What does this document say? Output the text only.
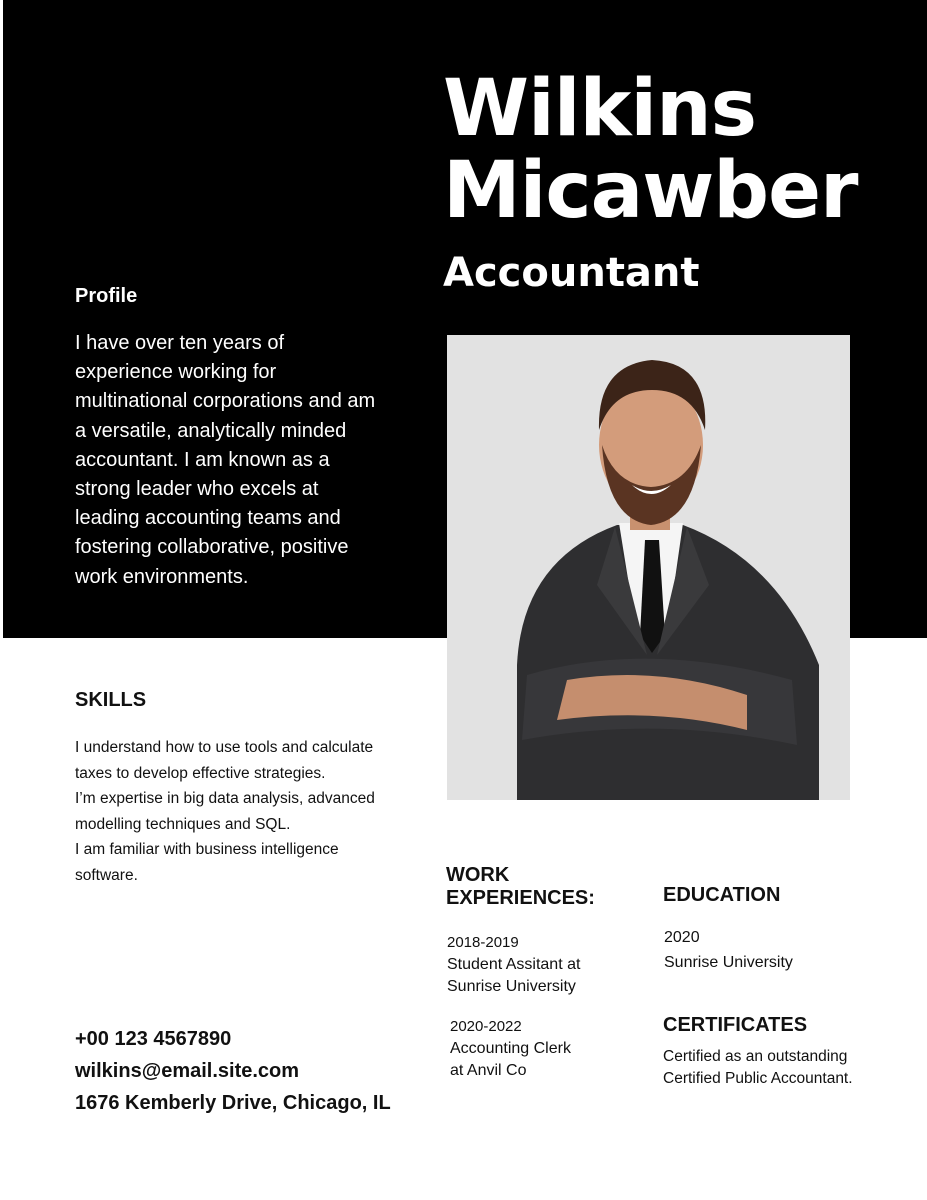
Wilkins
Micawber
Accountant
Profile
I have over ten years of experience working for multinational corporations and am a versatile, analytically minded accountant. I am known as a strong leader who excels at leading accounting teams and fostering collaborative, positive work environments.
SKILLS

I understand how to use tools and calculate taxes to develop effective strategies.

I’m expertise in big data analysis, advanced modelling techniques and SQL.

I am familiar with business intelligence software.	WORK
EXPERIENCES:
2018-2019
Student Assitant at
Sunrise University
2020-2022
Accounting Clerk
at Anvil Co
EDUCATION
2020
Sunrise University
CERTIFICATES
Certified as an outstanding
Certified Public Accountant.
+00 123 4567890
wilkins@email.site.com
1676 Kemberly Drive, Chicago, IL
